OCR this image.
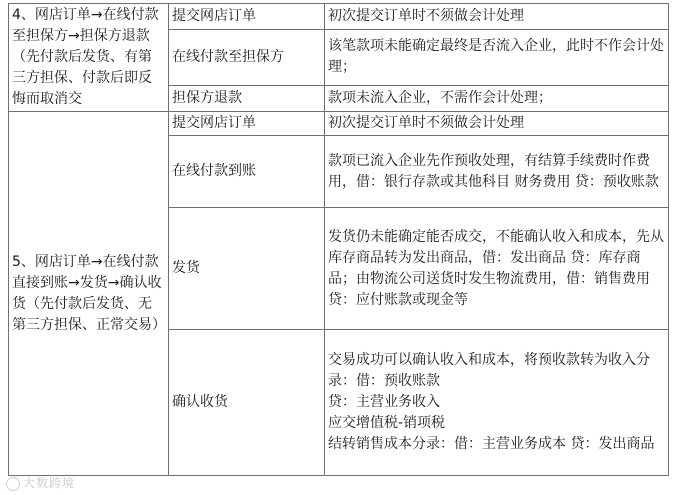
4、网店订单→在线付款至担保方→担保方退款（先付款后发货、有第三方担保、付款后即反悔而取消交	提交网店订单	初次提交订单时不须做会计处理
	在线付款至担保方	该笔款项未能确定最终是否流入企业，此时不作会计处理；
	担保方退款	款项未流入企业，不需作会计处理；
5、网店订单→在线付款直接到账→发货→确认收货（先付款后发货、无第三方担保、正常交易）	提交网店订单	初次提交订单时不须做会计处理
	在线付款到账	款项已流入企业先作预收处理，有结算手续费时作费用，借：银行存款或其他科目 财务费用 贷：预收账款
	发货	发货仍未能确定能否成交，不能确认收入和成本，先从库存商品转为发出商品，借：发出商品 贷：库存商品；由物流公司送货时发生物流费用，借：销售费用
贷：应付账款或现金等
	确认收货	交易成功可以确认收入和成本，将预收款转为收入分录：借：预收账款
贷：主营业务收入
应交增值税-销项税
结转销售成本分录：借：主营业务成本 贷：发出商品
大数跨境
